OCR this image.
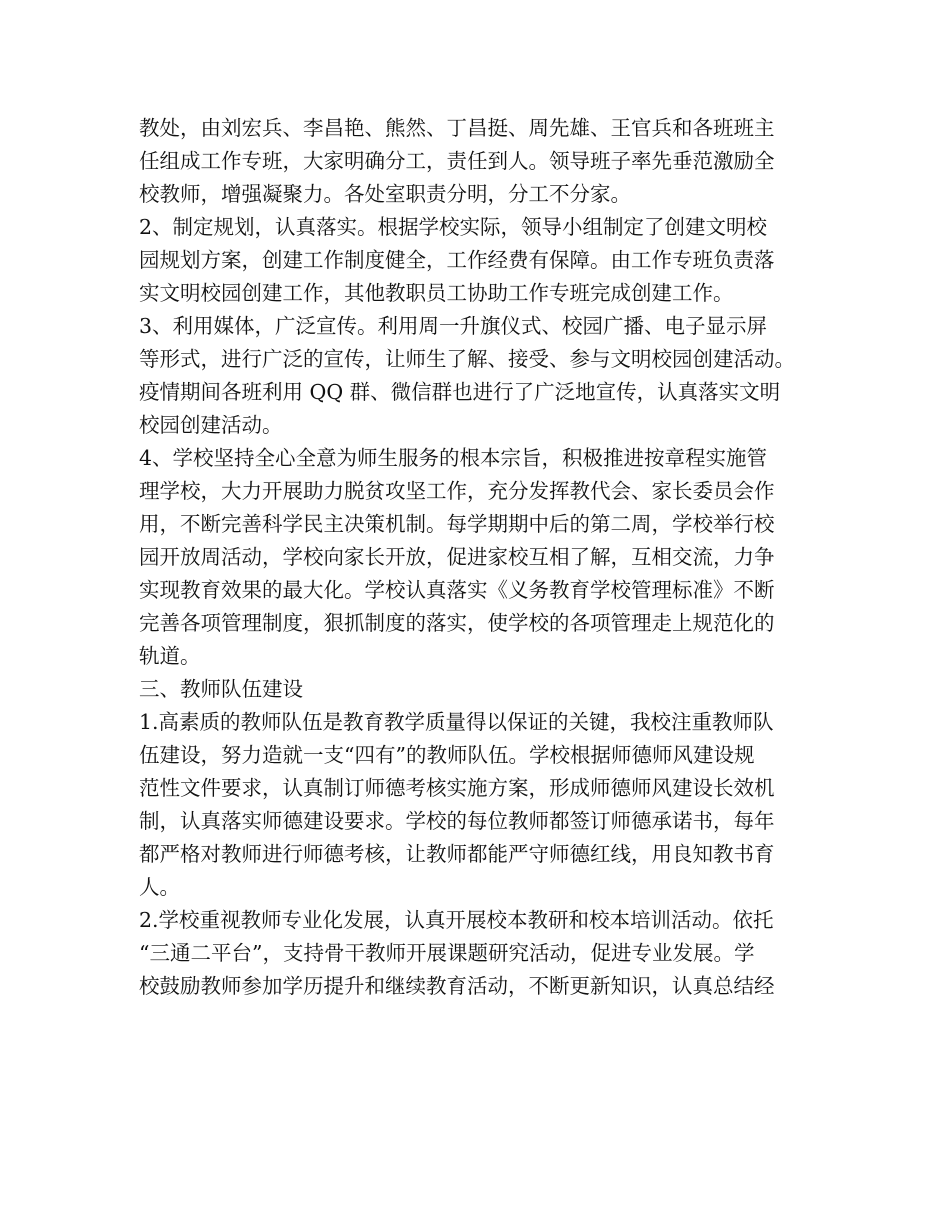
教处，由刘宏兵、李昌艳、熊然、丁昌挺、周先雄、王官兵和各班班主

任组成工作专班，大家明确分工，责任到人。领导班子率先垂范激励全

校教师，增强凝聚力。各处室职责分明，分工不分家。

2、制定规划，认真落实。根据学校实际，领导小组制定了创建文明校

园规划方案，创建工作制度健全，工作经费有保障。由工作专班负责落

实文明校园创建工作，其他教职员工协助工作专班完成创建工作。

3、利用媒体，广泛宣传。利用周一升旗仪式、校园广播、电子显示屏

等形式，进行广泛的宣传，让师生了解、接受、参与文明校园创建活动。

疫情期间各班利用 QQ 群、微信群也进行了广泛地宣传，认真落实文明

校园创建活动。

4、学校坚持全心全意为师生服务的根本宗旨，积极推进按章程实施管

理学校，大力开展助力脱贫攻坚工作，充分发挥教代会、家长委员会作

用，不断完善科学民主决策机制。每学期期中后的第二周，学校举行校

园开放周活动，学校向家长开放，促进家校互相了解，互相交流，力争

实现教育效果的最大化。学校认真落实《义务教育学校管理标准》不断

完善各项管理制度，狠抓制度的落实，使学校的各项管理走上规范化的

轨道。

三、教师队伍建设

1.高素质的教师队伍是教育教学质量得以保证的关键，我校注重教师队

伍建设，努力造就一支“四有”的教师队伍。学校根据师德师风建设规

范性文件要求，认真制订师德考核实施方案，形成师德师风建设长效机

制，认真落实师德建设要求。学校的每位教师都签订师德承诺书，每年

都严格对教师进行师德考核，让教师都能严守师德红线，用良知教书育

人。

2.学校重视教师专业化发展，认真开展校本教研和校本培训活动。依托

“三通二平台”，支持骨干教师开展课题研究活动，促进专业发展。学

校鼓励教师参加学历提升和继续教育活动，不断更新知识，认真总结经
